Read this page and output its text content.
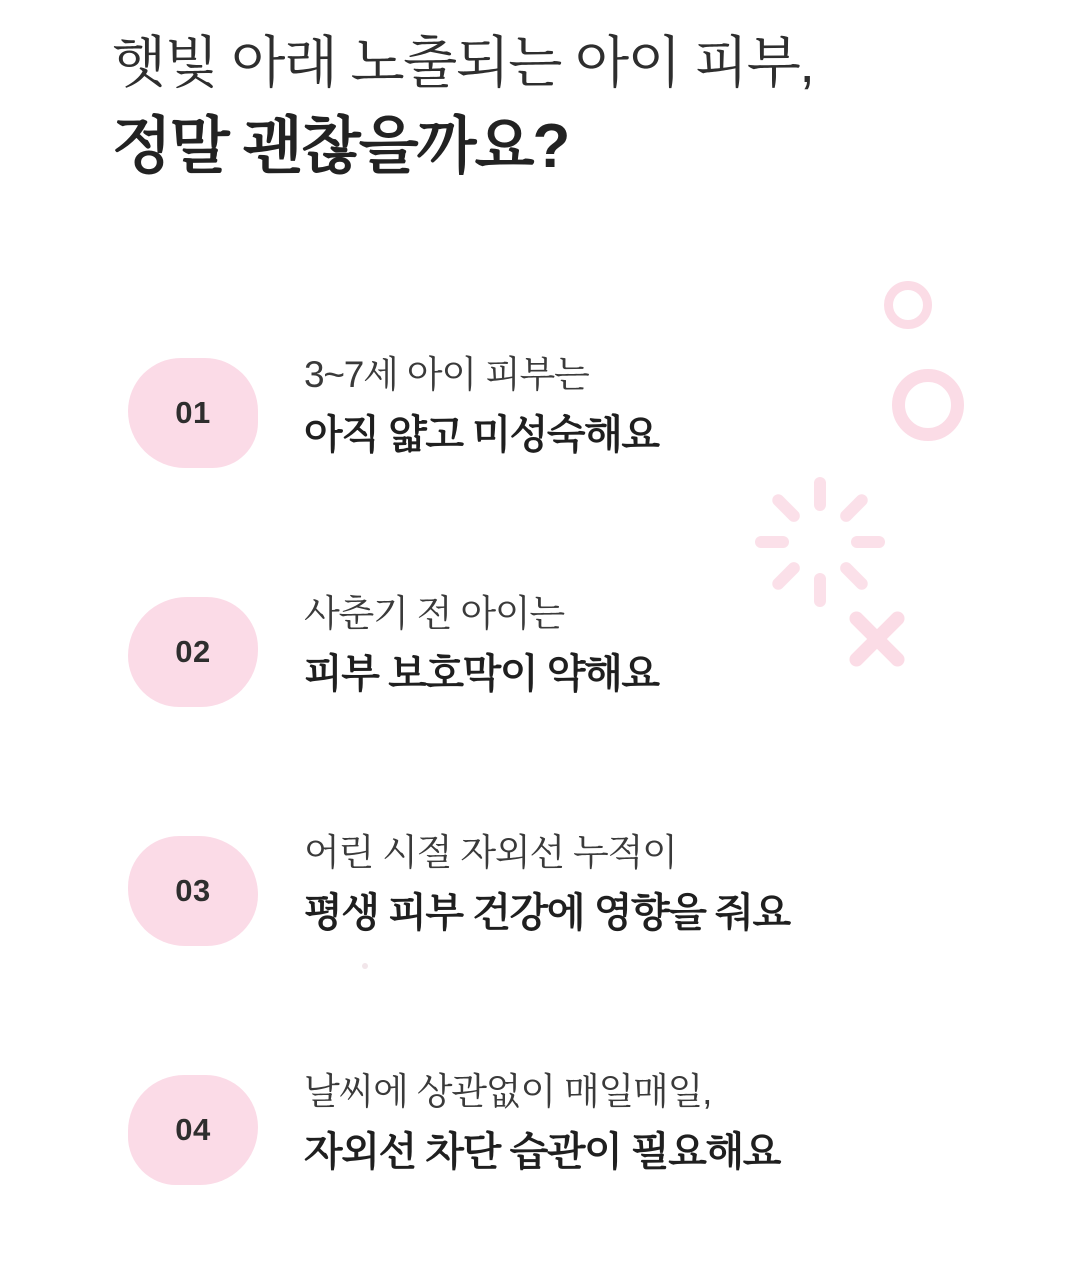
햇빛 아래 노출되는 아이 피부,
정말 괜찮을까요?
01
3~7세 아이 피부는
아직 얇고 미성숙해요
02
사춘기 전 아이는
피부 보호막이 약해요
03
어린 시절 자외선 누적이
평생 피부 건강에 영향을 줘요
04
날씨에 상관없이 매일매일,
자외선 차단 습관이 필요해요
